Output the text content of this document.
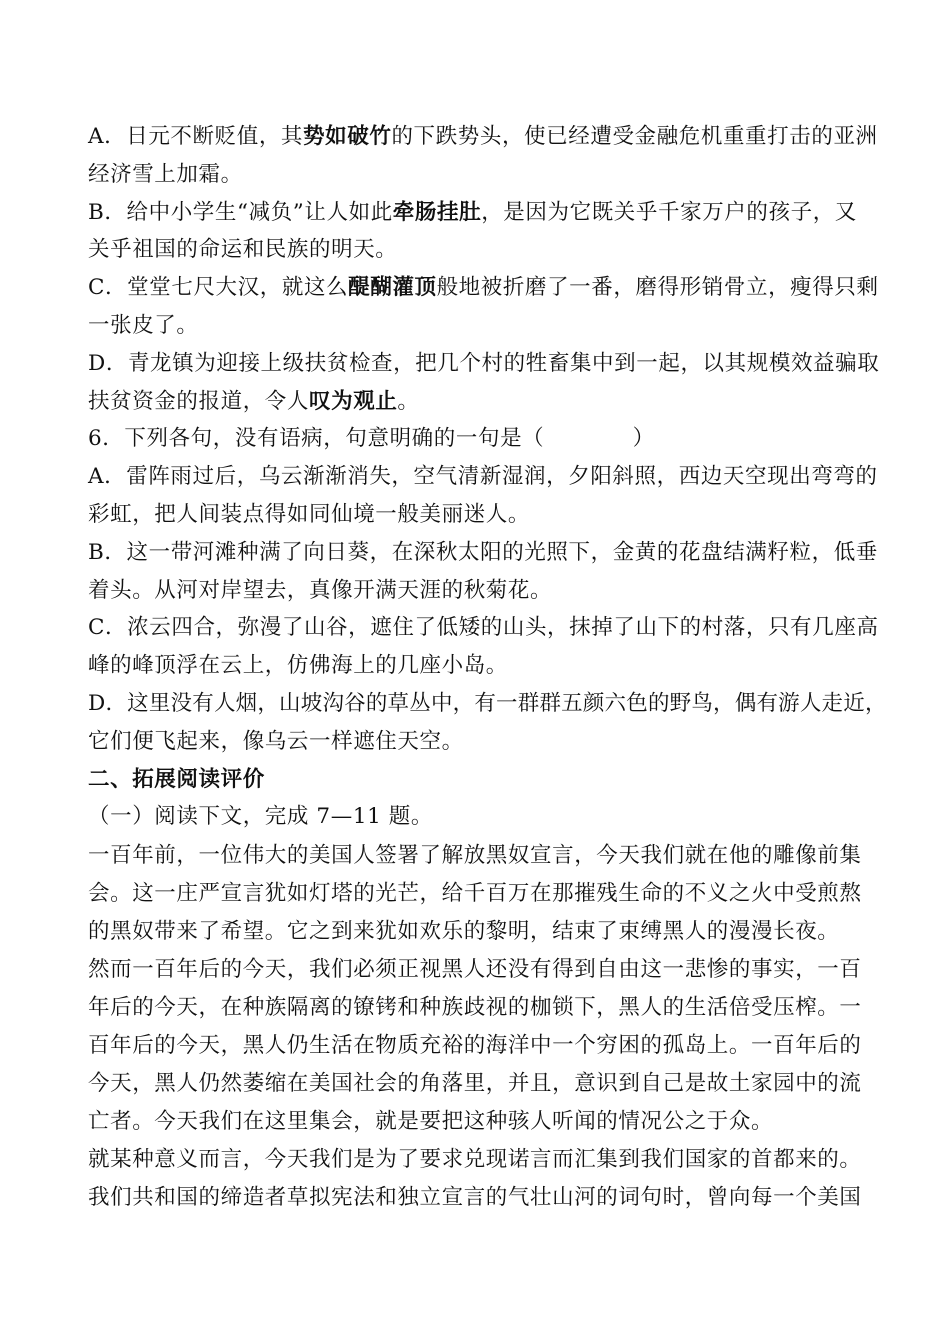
A．日元不断贬值，其势如破竹的下跌势头，使已经遭受金融危机重重打击的亚洲
经济雪上加霜。
B．给中小学生“减负”让人如此牵肠挂肚，是因为它既关乎千家万户的孩子，又
关乎祖国的命运和民族的明天。
C．堂堂七尺大汉，就这么醍醐灌顶般地被折磨了一番，磨得形销骨立，瘦得只剩
一张皮了。
D．青龙镇为迎接上级扶贫检查，把几个村的牲畜集中到一起，以其规模效益骗取
扶贫资金的报道，令人叹为观止。
6．下列各句，没有语病，句意明确的一句是（　　　　）
A．雷阵雨过后，乌云渐渐消失，空气清新湿润，夕阳斜照，西边天空现出弯弯的
彩虹，把人间装点得如同仙境一般美丽迷人。
B．这一带河滩种满了向日葵，在深秋太阳的光照下，金黄的花盘结满籽粒，低垂
着头。从河对岸望去，真像开满天涯的秋菊花。
C．浓云四合，弥漫了山谷，遮住了低矮的山头，抹掉了山下的村落，只有几座高
峰的峰顶浮在云上，仿佛海上的几座小岛。
D．这里没有人烟，山坡沟谷的草丛中，有一群群五颜六色的野鸟，偶有游人走近，
它们便飞起来，像乌云一样遮住天空。
二、拓展阅读评价
（一）阅读下文，完成 7—11 题。
一百年前，一位伟大的美国人签署了解放黑奴宣言，今天我们就在他的雕像前集
会。这一庄严宣言犹如灯塔的光芒，给千百万在那摧残生命的不义之火中受煎熬
的黑奴带来了希望。它之到来犹如欢乐的黎明，结束了束缚黑人的漫漫长夜。
然而一百年后的今天，我们必须正视黑人还没有得到自由这一悲惨的事实，一百
年后的今天，在种族隔离的镣铐和种族歧视的枷锁下，黑人的生活倍受压榨。一
百年后的今天，黑人仍生活在物质充裕的海洋中一个穷困的孤岛上。一百年后的
今天，黑人仍然萎缩在美国社会的角落里，并且，意识到自己是故土家园中的流
亡者。今天我们在这里集会，就是要把这种骇人听闻的情况公之于众。
就某种意义而言，今天我们是为了要求兑现诺言而汇集到我们国家的首都来的。
我们共和国的缔造者草拟宪法和独立宣言的气壮山河的词句时，曾向每一个美国
